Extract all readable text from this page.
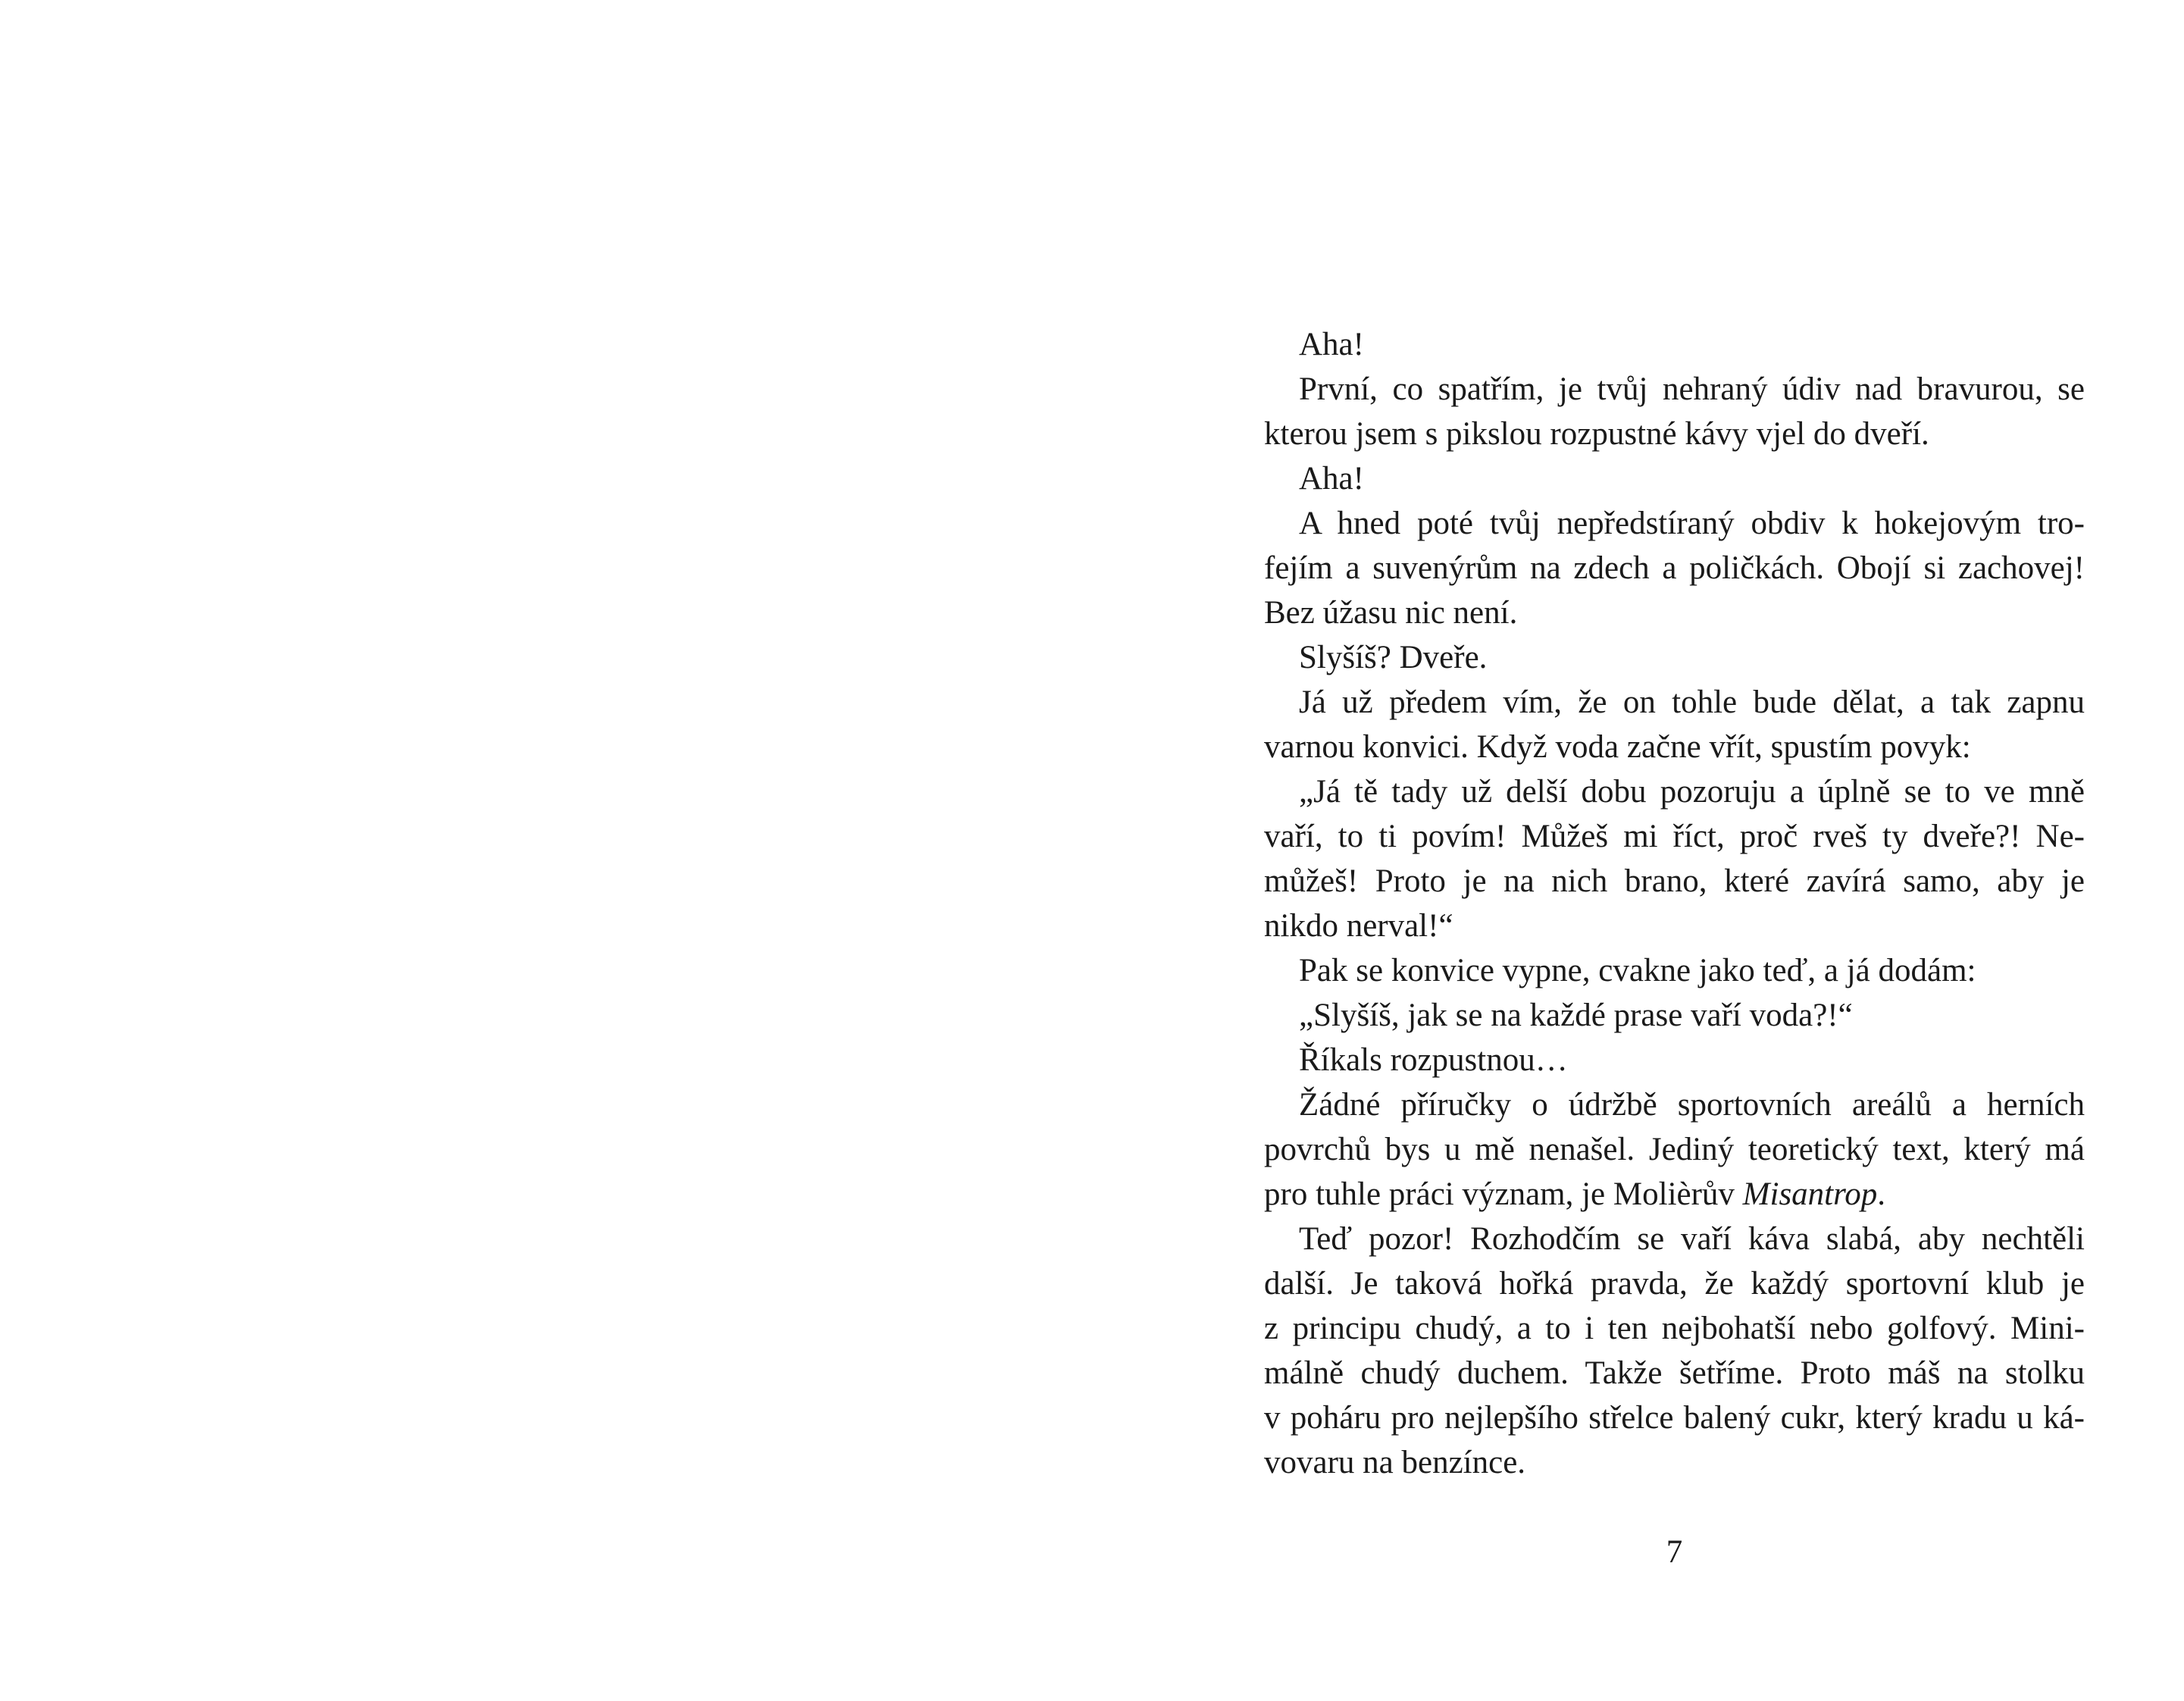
Aha!
První, co spatřím, je tvůj nehraný údiv nad bravurou, se
kterou jsem s pikslou rozpustné kávy vjel do dveří.
Aha!
A hned poté tvůj nepředstíraný obdiv k hokejovým tro-
fejím a suvenýrům na zdech a poličkách. Obojí si zachovej!
Bez úžasu nic není.
Slyšíš? Dveře.
Já už předem vím, že on tohle bude dělat, a tak zapnu
varnou konvici. Když voda začne vřít, spustím povyk:
„Já tě tady už delší dobu pozoruju a úplně se to ve mně
vaří, to ti povím! Můžeš mi říct, proč rveš ty dveře?! Ne-
můžeš! Proto je na nich brano, které zavírá samo, aby je
nikdo nerval!“
Pak se konvice vypne, cvakne jako teď, a já dodám:
„Slyšíš, jak se na každé prase vaří voda?!“
Říkals rozpustnou…
Žádné příručky o údržbě sportovních areálů a herních
povrchů bys u mě nenašel. Jediný teoretický text, který má
pro tuhle práci význam, je Molièrův Misantrop.
Teď pozor! Rozhodčím se vaří káva slabá, aby nechtěli
další. Je taková hořká pravda, že každý sportovní klub je
z principu chudý, a to i ten nejbohatší nebo golfový. Mini-
málně chudý duchem. Takže šetříme. Proto máš na stolku
v poháru pro nejlepšího střelce balený cukr, který kradu u ká-
vovaru na benzínce.
7
